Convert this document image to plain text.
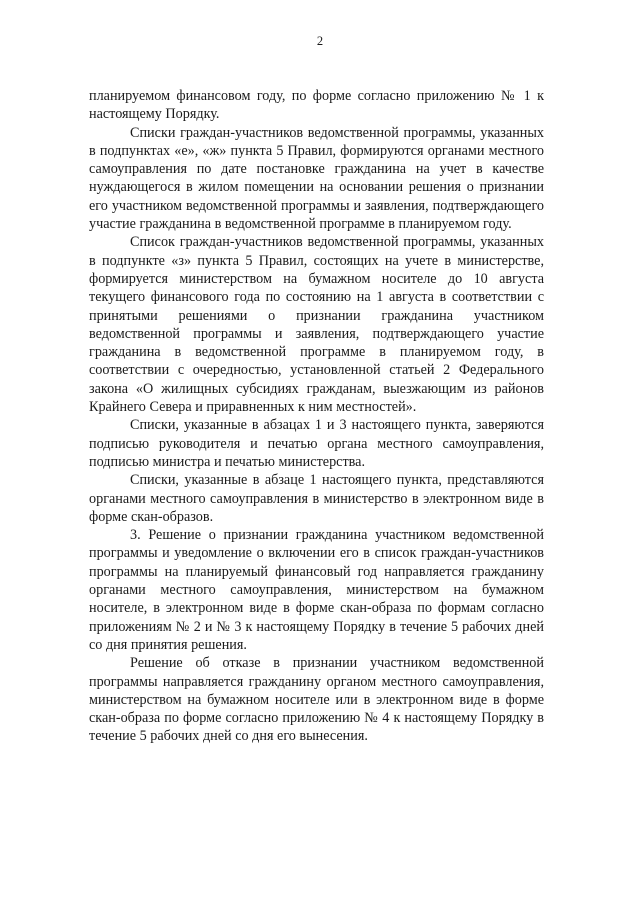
2

планируемом финансовом году, по форме согласно приложению № 1 к настоящему Порядку.

Списки граждан-участников ведомственной программы, указанных в подпунктах «е», «ж» пункта 5 Правил, формируются органами местного самоуправления по дате постановке гражданина на учет в качестве нуждающегося в жилом помещении на основании решения о признании его участником ведомственной программы и заявления, подтверждающего участие гражданина в ведомственной программе в планируемом году.

Список граждан-участников ведомственной программы, указанных в подпункте «з» пункта 5 Правил, состоящих на учете в министерстве, формируется министерством на бумажном носителе до 10 августа текущего финансового года по состоянию на 1 августа в соответствии с принятыми решениями о признании гражданина участником ведомственной программы и заявления, подтверждающего участие гражданина в ведомственной программе в планируемом году, в соответствии с очередностью, установленной статьей 2 Федерального закона «О жилищных субсидиях гражданам, выезжающим из районов Крайнего Севера и приравненных к ним местностей».

Списки, указанные в абзацах 1 и 3 настоящего пункта, заверяются подписью руководителя и печатью органа местного самоуправления, подписью министра и печатью министерства.

Списки, указанные в абзаце 1 настоящего пункта, представляются органами местного самоуправления в министерство в электронном виде в форме скан-образов.

3. Решение о признании гражданина участником ведомственной программы и уведомление о включении его в список граждан-участников программы на планируемый финансовый год направляется гражданину органами местного самоуправления, министерством на бумажном носителе, в электронном виде в форме скан-образа по формам согласно приложениям № 2 и № 3 к настоящему Порядку в течение 5 рабочих дней со дня принятия решения.

Решение об отказе в признании участником ведомственной программы направляется гражданину органом местного самоуправления, министерством на бумажном носителе или в электронном виде в форме скан-образа по форме согласно приложению № 4 к настоящему Порядку в течение 5 рабочих дней со дня его вынесения.
